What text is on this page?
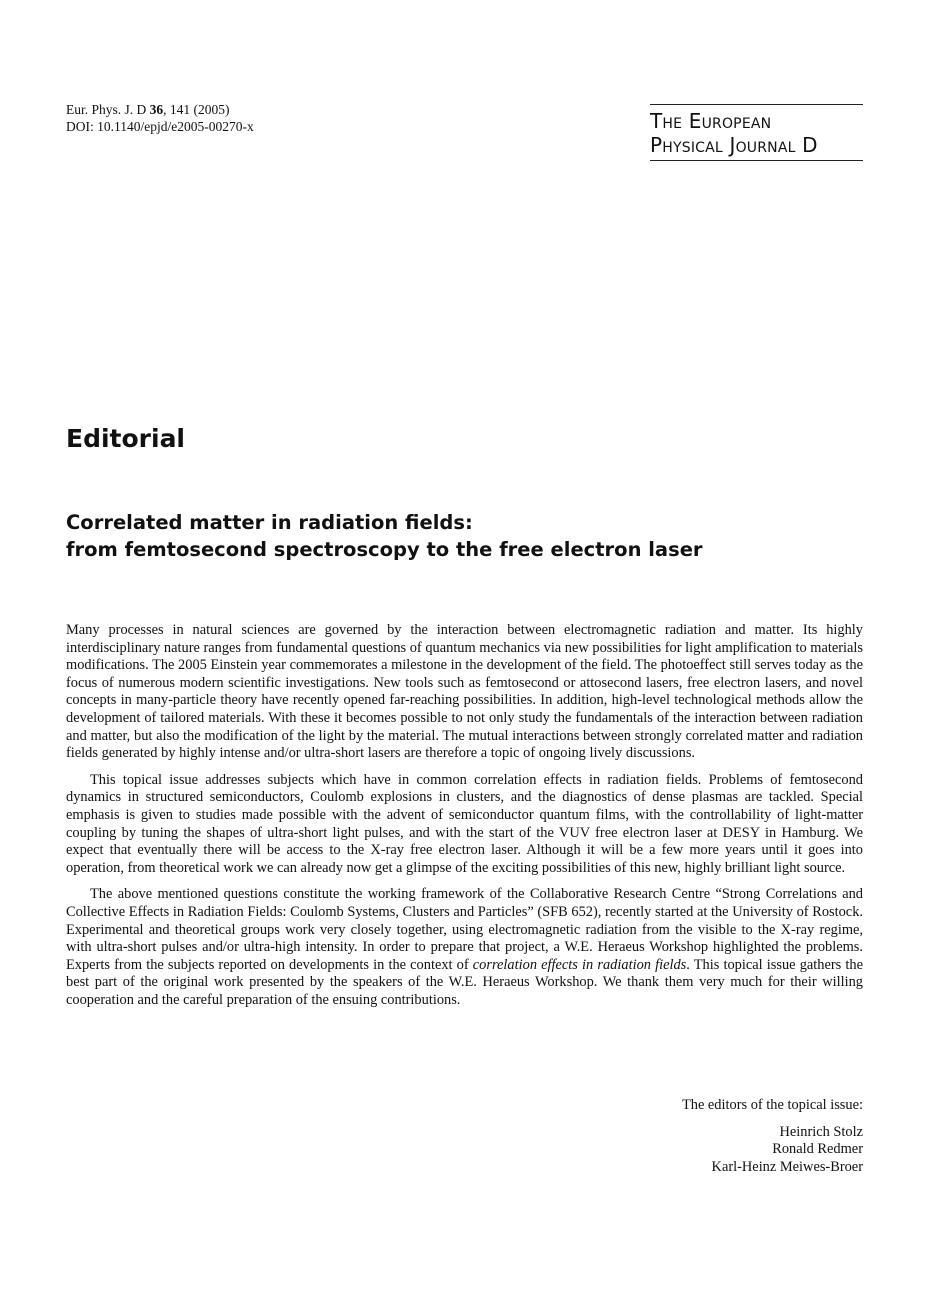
Eur. Phys. J. D 36, 141 (2005)
DOI: 10.1140/epjd/e2005-00270-x	The European
Physical Journal D
Editorial
Correlated matter in radiation fields:
from femtosecond spectroscopy to the free electron laser

Many processes in natural sciences are governed by the interaction between electromagnetic radiation and matter. Its highly interdisciplinary nature ranges from fundamental questions of quantum mechanics via new possibilities for light amplification to materials modifications. The 2005 Einstein year commemorates a milestone in the development of the field. The photoeffect still serves today as the focus of numerous modern scientific investigations. New tools such as femtosecond or attosecond lasers, free electron lasers, and novel concepts in many-particle theory have recently opened far-reaching possibilities. In addition, high-level technological methods allow the development of tailored materials. With these it becomes possible to not only study the fundamentals of the interaction between radiation and matter, but also the modification of the light by the material. The mutual interactions between strongly correlated matter and radiation fields generated by highly intense and/or ultra-short lasers are therefore a topic of ongoing lively discussions.

This topical issue addresses subjects which have in common correlation effects in radiation fields. Problems of femtosecond dynamics in structured semiconductors, Coulomb explosions in clusters, and the diagnostics of dense plasmas are tackled. Special emphasis is given to studies made possible with the advent of semiconductor quantum films, with the controllability of light-matter coupling by tuning the shapes of ultra-short light pulses, and with the start of the VUV free electron laser at DESY in Hamburg. We expect that eventually there will be access to the X-ray free electron laser. Although it will be a few more years until it goes into operation, from theoretical work we can already now get a glimpse of the exciting possibilities of this new, highly brilliant light source.

The above mentioned questions constitute the working framework of the Collaborative Research Centre “Strong Correlations and Collective Effects in Radiation Fields: Coulomb Systems, Clusters and Particles” (SFB 652), recently started at the University of Rostock. Experimental and theoretical groups work very closely together, using electromagnetic radiation from the visible to the X-ray regime, with ultra-short pulses and/or ultra-high intensity. In order to prepare that project, a W.E. Heraeus Workshop highlighted the problems. Experts from the subjects reported on developments in the context of correlation effects in radiation fields. This topical issue gathers the best part of the original work presented by the speakers of the W.E. Heraeus Workshop. We thank them very much for their willing cooperation and the careful preparation of the ensuing contributions.

The editors of the topical issue:
Heinrich Stolz
Ronald Redmer
Karl-Heinz Meiwes-Broer
